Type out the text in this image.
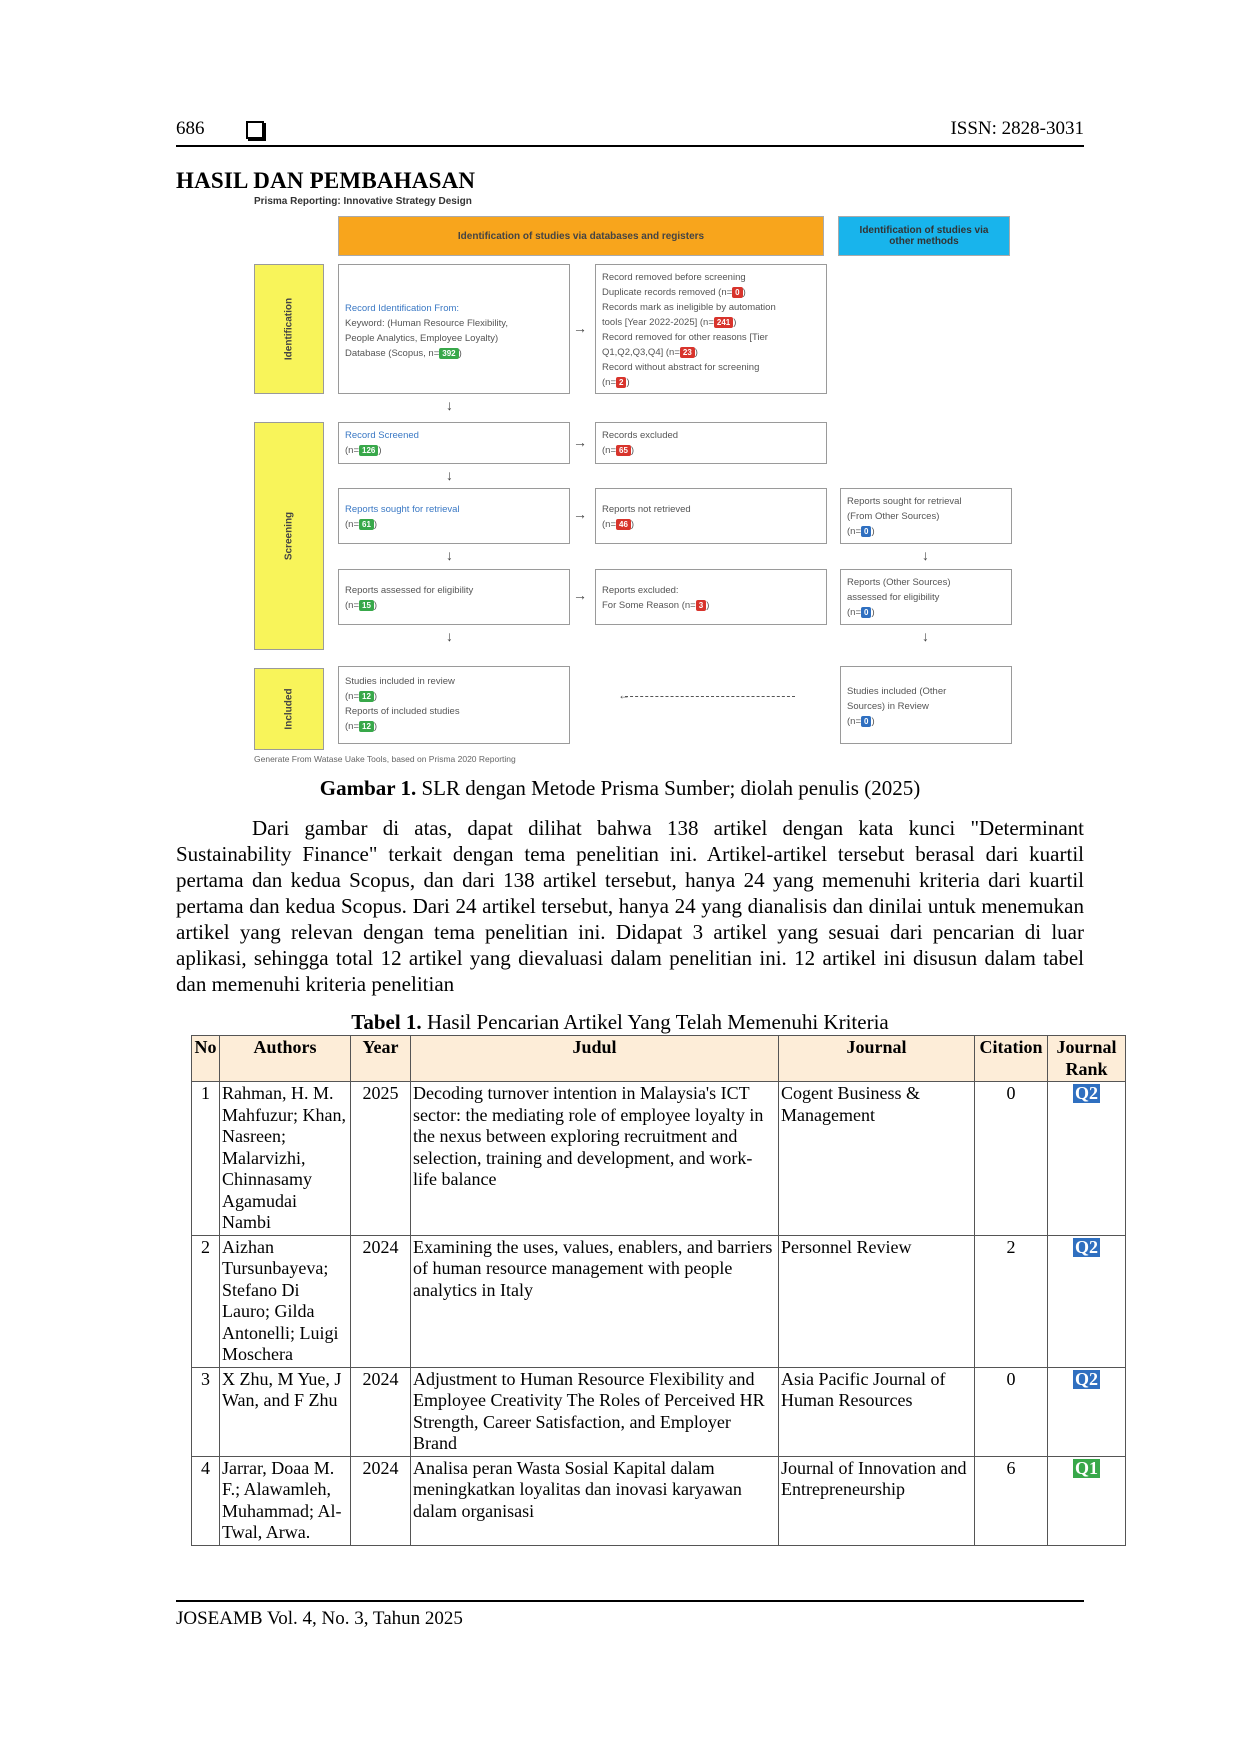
686	ISSN: 2828-3031
HASIL DAN PEMBAHASAN
Prisma Reporting: Innovative Strategy Design
Identification of studies via databases and registers	Identification of studies via other methods
Identification
Screening
Included
Record Identification From:
Keyword: (Human Resource Flexibility,
People Analytics, Employee Loyalty)
Database (Scopus, n= 392 )
→
Record removed before screening
Duplicate records removed (n= 0 )
Records mark as ineligible by automation
tools [Year 2022-2025] (n= 241 )
Record removed for other reasons [Tier
Q1,Q2,Q3,Q4] (n= 23 )
Record without abstract for screening
(n= 2 )
↓
Record Screened
(n= 126 )
→ Records excluded
(n= 65 )
↓
Reports sought for retrieval
(n= 61 )
→ Reports not retrieved
(n= 46 )
Reports sought for retrieval
(From Other Sources)
(n= 0 )
↓	↓
Reports assessed for eligibility
(n= 15 )
→ Reports excluded:
For Some Reason (n= 3 )
Reports (Other Sources)
assessed for eligibility
(n= 0 )
↓	↓
Studies included in review
(n= 12 )
Reports of included studies
(n= 12 )
←	Studies included (Other
Sources) in Review
(n= 0 )
Generate From Watase Uake Tools, based on Prisma 2020 Reporting
Gambar 1. SLR dengan Metode Prisma Sumber; diolah penulis (2025)
Dari gambar di atas, dapat dilihat bahwa 138 artikel dengan kata kunci "Determinant Sustainability Finance" terkait dengan tema penelitian ini. Artikel-artikel tersebut berasal dari kuartil pertama dan kedua Scopus, dan dari 138 artikel tersebut, hanya 24 yang memenuhi kriteria dari kuartil pertama dan kedua Scopus. Dari 24 artikel tersebut, hanya 24 yang dianalisis dan dinilai untuk menemukan artikel yang relevan dengan tema penelitian ini. Didapat 3 artikel yang sesuai dari pencarian di luar aplikasi, sehingga total 12 artikel yang dievaluasi dalam penelitian ini. 12 artikel ini disusun dalam tabel dan memenuhi kriteria penelitian
Tabel 1. Hasil Pencarian Artikel Yang Telah Memenuhi Kriteria
No	Authors	Year	Judul	Journal	Citation	Journal Rank
1	Rahman, H. M. Mahfuzur; Khan, Nasreen; Malarvizhi, Chinnasamy Agamudai Nambi	2025	Decoding turnover intention in Malaysia's ICT sector: the mediating role of employee loyalty in the nexus between exploring recruitment and selection, training and development, and work-life balance	Cogent Business & Management	0	Q2
2	Aizhan Tursunbayeva; Stefano Di Lauro; Gilda Antonelli; Luigi Moschera	2024	Examining the uses, values, enablers, and barriers of human resource management with people analytics in Italy	Personnel Review	2	Q2
3	X Zhu, M Yue, J Wan, and F Zhu	2024	Adjustment to Human Resource Flexibility and Employee Creativity The Roles of Perceived HR Strength, Career Satisfaction, and Employer Brand	Asia Pacific Journal of Human Resources	0	Q2
4	Jarrar, Doaa M. F.; Alawamleh, Muhammad; Al-Twal, Arwa.	2024	Analisa peran Wasta Sosial Kapital dalam meningkatkan loyalitas dan inovasi karyawan dalam organisasi	Journal of Innovation and Entrepreneurship	6	Q1
JOSEAMB Vol. 4, No. 3, Tahun 2025
